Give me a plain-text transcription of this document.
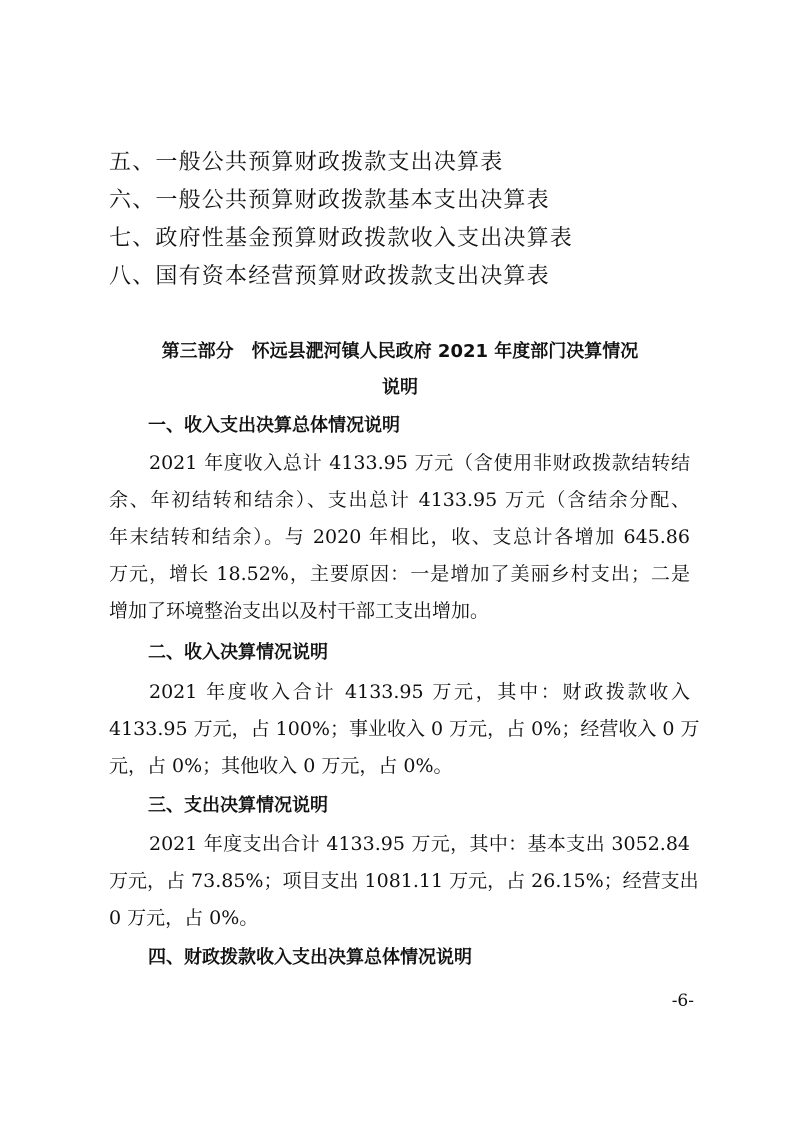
五、一般公共预算财政拨款支出决算表
六、一般公共预算财政拨款基本支出决算表
七、政府性基金预算财政拨款收入支出决算表
八、国有资本经营预算财政拨款支出决算表
第三部分　怀远县淝河镇人民政府 2021 年度部门决算情况
说明
一、收入支出决算总体情况说明
2021 年度收入总计 4133.95 万元（含使用非财政拨款结转结
余、年初结转和结余）、支出总计 4133.95 万元（含结余分配、
年末结转和结余）。与 2020 年相比，收、支总计各增加 645.86
万元，增长 18.52%，主要原因：一是增加了美丽乡村支出；二是
增加了环境整治支出以及村干部工支出增加。
二、收入决算情况说明
2021 年度收入合计 4133.95 万元，其中：财政拨款收入
4133.95 万元，占 100%；事业收入 0 万元，占 0%；经营收入 0 万
元，占 0%；其他收入 0 万元，占 0%。
三、支出决算情况说明
2021 年度支出合计 4133.95 万元，其中：基本支出 3052.84
万元，占 73.85%；项目支出 1081.11 万元，占 26.15%；经营支出
0 万元，占 0%。
四、财政拨款收入支出决算总体情况说明
-6-
